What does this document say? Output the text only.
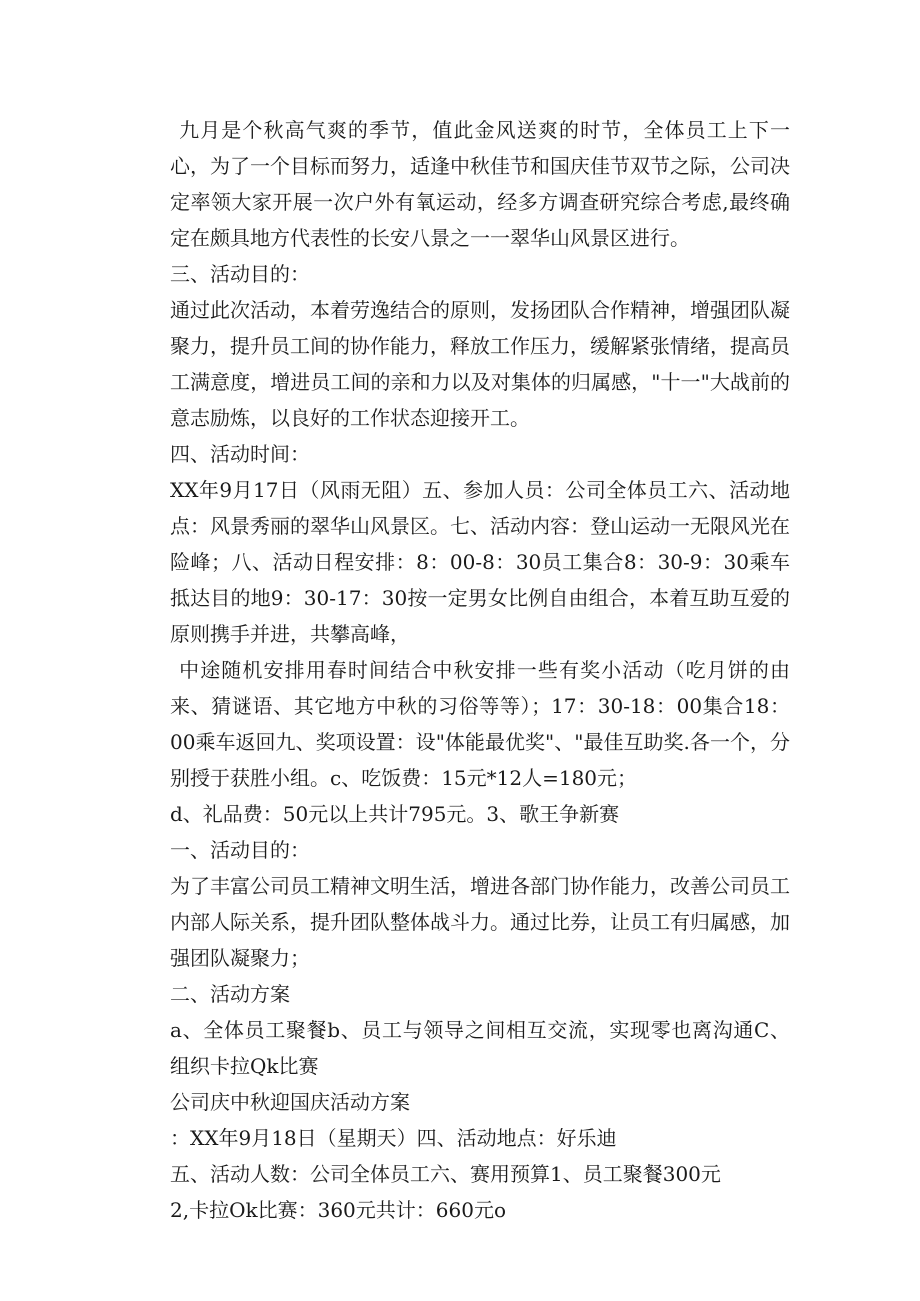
九月是个秋高气爽的季节，值此金风送爽的时节，全体员工上下一心，为了一个目标而努力，适逢中秋佳节和国庆佳节双节之际，公司决定率领大家开展一次户外有氧运动，经多方调查研究综合考虑,最终确定在颇具地方代表性的长安八景之一一翠华山风景区进行。

三、活动目的：

通过此次活动，本着劳逸结合的原则，发扬团队合作精神，增强团队凝聚力，提升员工间的协作能力，释放工作压力，缓解紧张情绪，提高员工满意度，增进员工间的亲和力以及对集体的归属感，"十一"大战前的意志励炼，以良好的工作状态迎接开工。

四、活动时间：

XX年9月17日（风雨无阻）五、参加人员：公司全体员工六、活动地点：风景秀丽的翠华山风景区。七、活动内容：登山运动一无限风光在险峰；八、活动日程安排：8：00-8：30员工集合8：30-9：30乘车抵达目的地9：30-17：30按一定男女比例自由组合，本着互助互爱的原则携手并进，共攀高峰，

中途随机安排用春时间结合中秋安排一些有奖小活动（吃月饼的由来、猜谜语、其它地方中秋的习俗等等）；17：30-18：00集合18：00乘车返回九、奖项设置：设"体能最优奖"、"最佳互助奖.各一个，分别授于获胜小组。c、吃饭费：15元*12人=180元；

d、礼品费：50元以上共计795元。3、歌王争新赛

一、活动目的：

为了丰富公司员工精神文明生活，增进各部门协作能力，改善公司员工内部人际关系，提升团队整体战斗力。通过比券，让员工有归属感，加强团队凝聚力；

二、活动方案

a、全体员工聚餐b、员工与领导之间相互交流，实现零也离沟通C、组织卡拉Qk比赛

公司庆中秋迎国庆活动方案

：XX年9月18日（星期天）四、活动地点：好乐迪

五、活动人数：公司全体员工六、赛用预算1、员工聚餐300元

2,卡拉Ok比赛：360元共计：660元o
